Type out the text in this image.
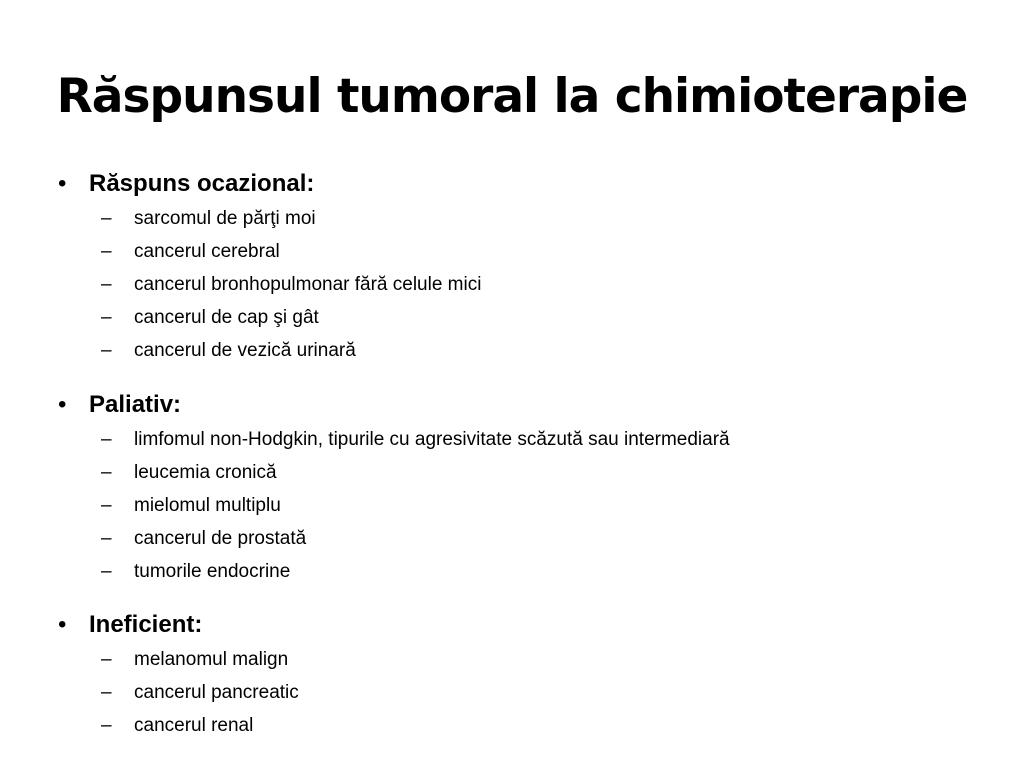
Răspunsul tumoral la chimioterapie
• Răspuns ocazional:
– sarcomul de părţi moi
– cancerul cerebral
– cancerul bronhopulmonar fără celule mici
– cancerul de cap şi gât
– cancerul de vezică urinară
• Paliativ:
– limfomul non-Hodgkin, tipurile cu agresivitate scăzută sau intermediară
– leucemia cronică
– mielomul multiplu
– cancerul de prostată
– tumorile endocrine
• Ineficient:
– melanomul malign
– cancerul pancreatic
– cancerul renal
